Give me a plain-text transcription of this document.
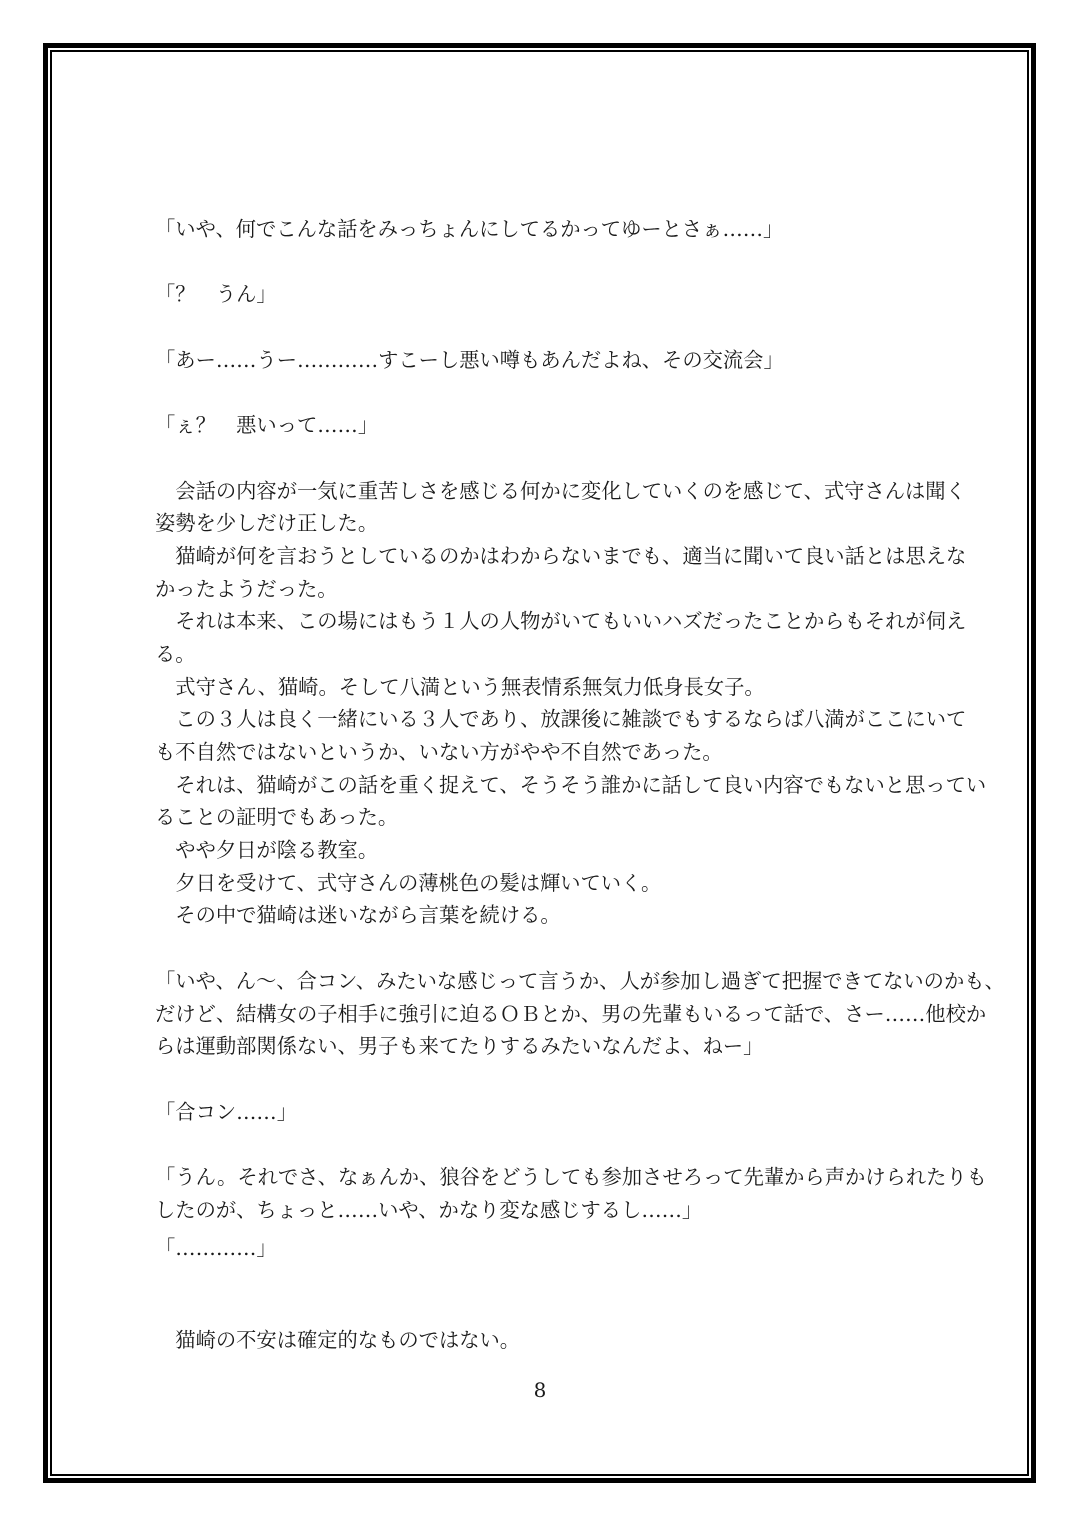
「いや、何でこんな話をみっちょんにしてるかってゆーとさぁ……」
「？　うん」
「あー……うー…………すこーし悪い噂もあんだよね、その交流会」
「ぇ？　悪いって……」
　会話の内容が一気に重苦しさを感じる何かに変化していくのを感じて、式守さんは聞く
姿勢を少しだけ正した。
　猫崎が何を言おうとしているのかはわからないまでも、適当に聞いて良い話とは思えな
かったようだった。
　それは本来、この場にはもう１人の人物がいてもいいハズだったことからもそれが伺え
る。
　式守さん、猫崎。そして八満という無表情系無気力低身長女子。
　この３人は良く一緒にいる３人であり、放課後に雑談でもするならば八満がここにいて
も不自然ではないというか、いない方がやや不自然であった。
　それは、猫崎がこの話を重く捉えて、そうそう誰かに話して良い内容でもないと思ってい
ることの証明でもあった。
　やや夕日が陰る教室。
　夕日を受けて、式守さんの薄桃色の髪は輝いていく。
　その中で猫崎は迷いながら言葉を続ける。
「いや、ん～、合コン、みたいな感じって言うか、人が参加し過ぎて把握できてないのかも、
だけど、結構女の子相手に強引に迫るＯＢとか、男の先輩もいるって話で、さー……他校か
らは運動部関係ない、男子も来てたりするみたいなんだよ、ねー」
「合コン……」
「うん。それでさ、なぁんか、狼谷をどうしても参加させろって先輩から声かけられたりも
したのが、ちょっと……いや、かなり変な感じするし……」
「…………」
　猫崎の不安は確定的なものではない。
8
